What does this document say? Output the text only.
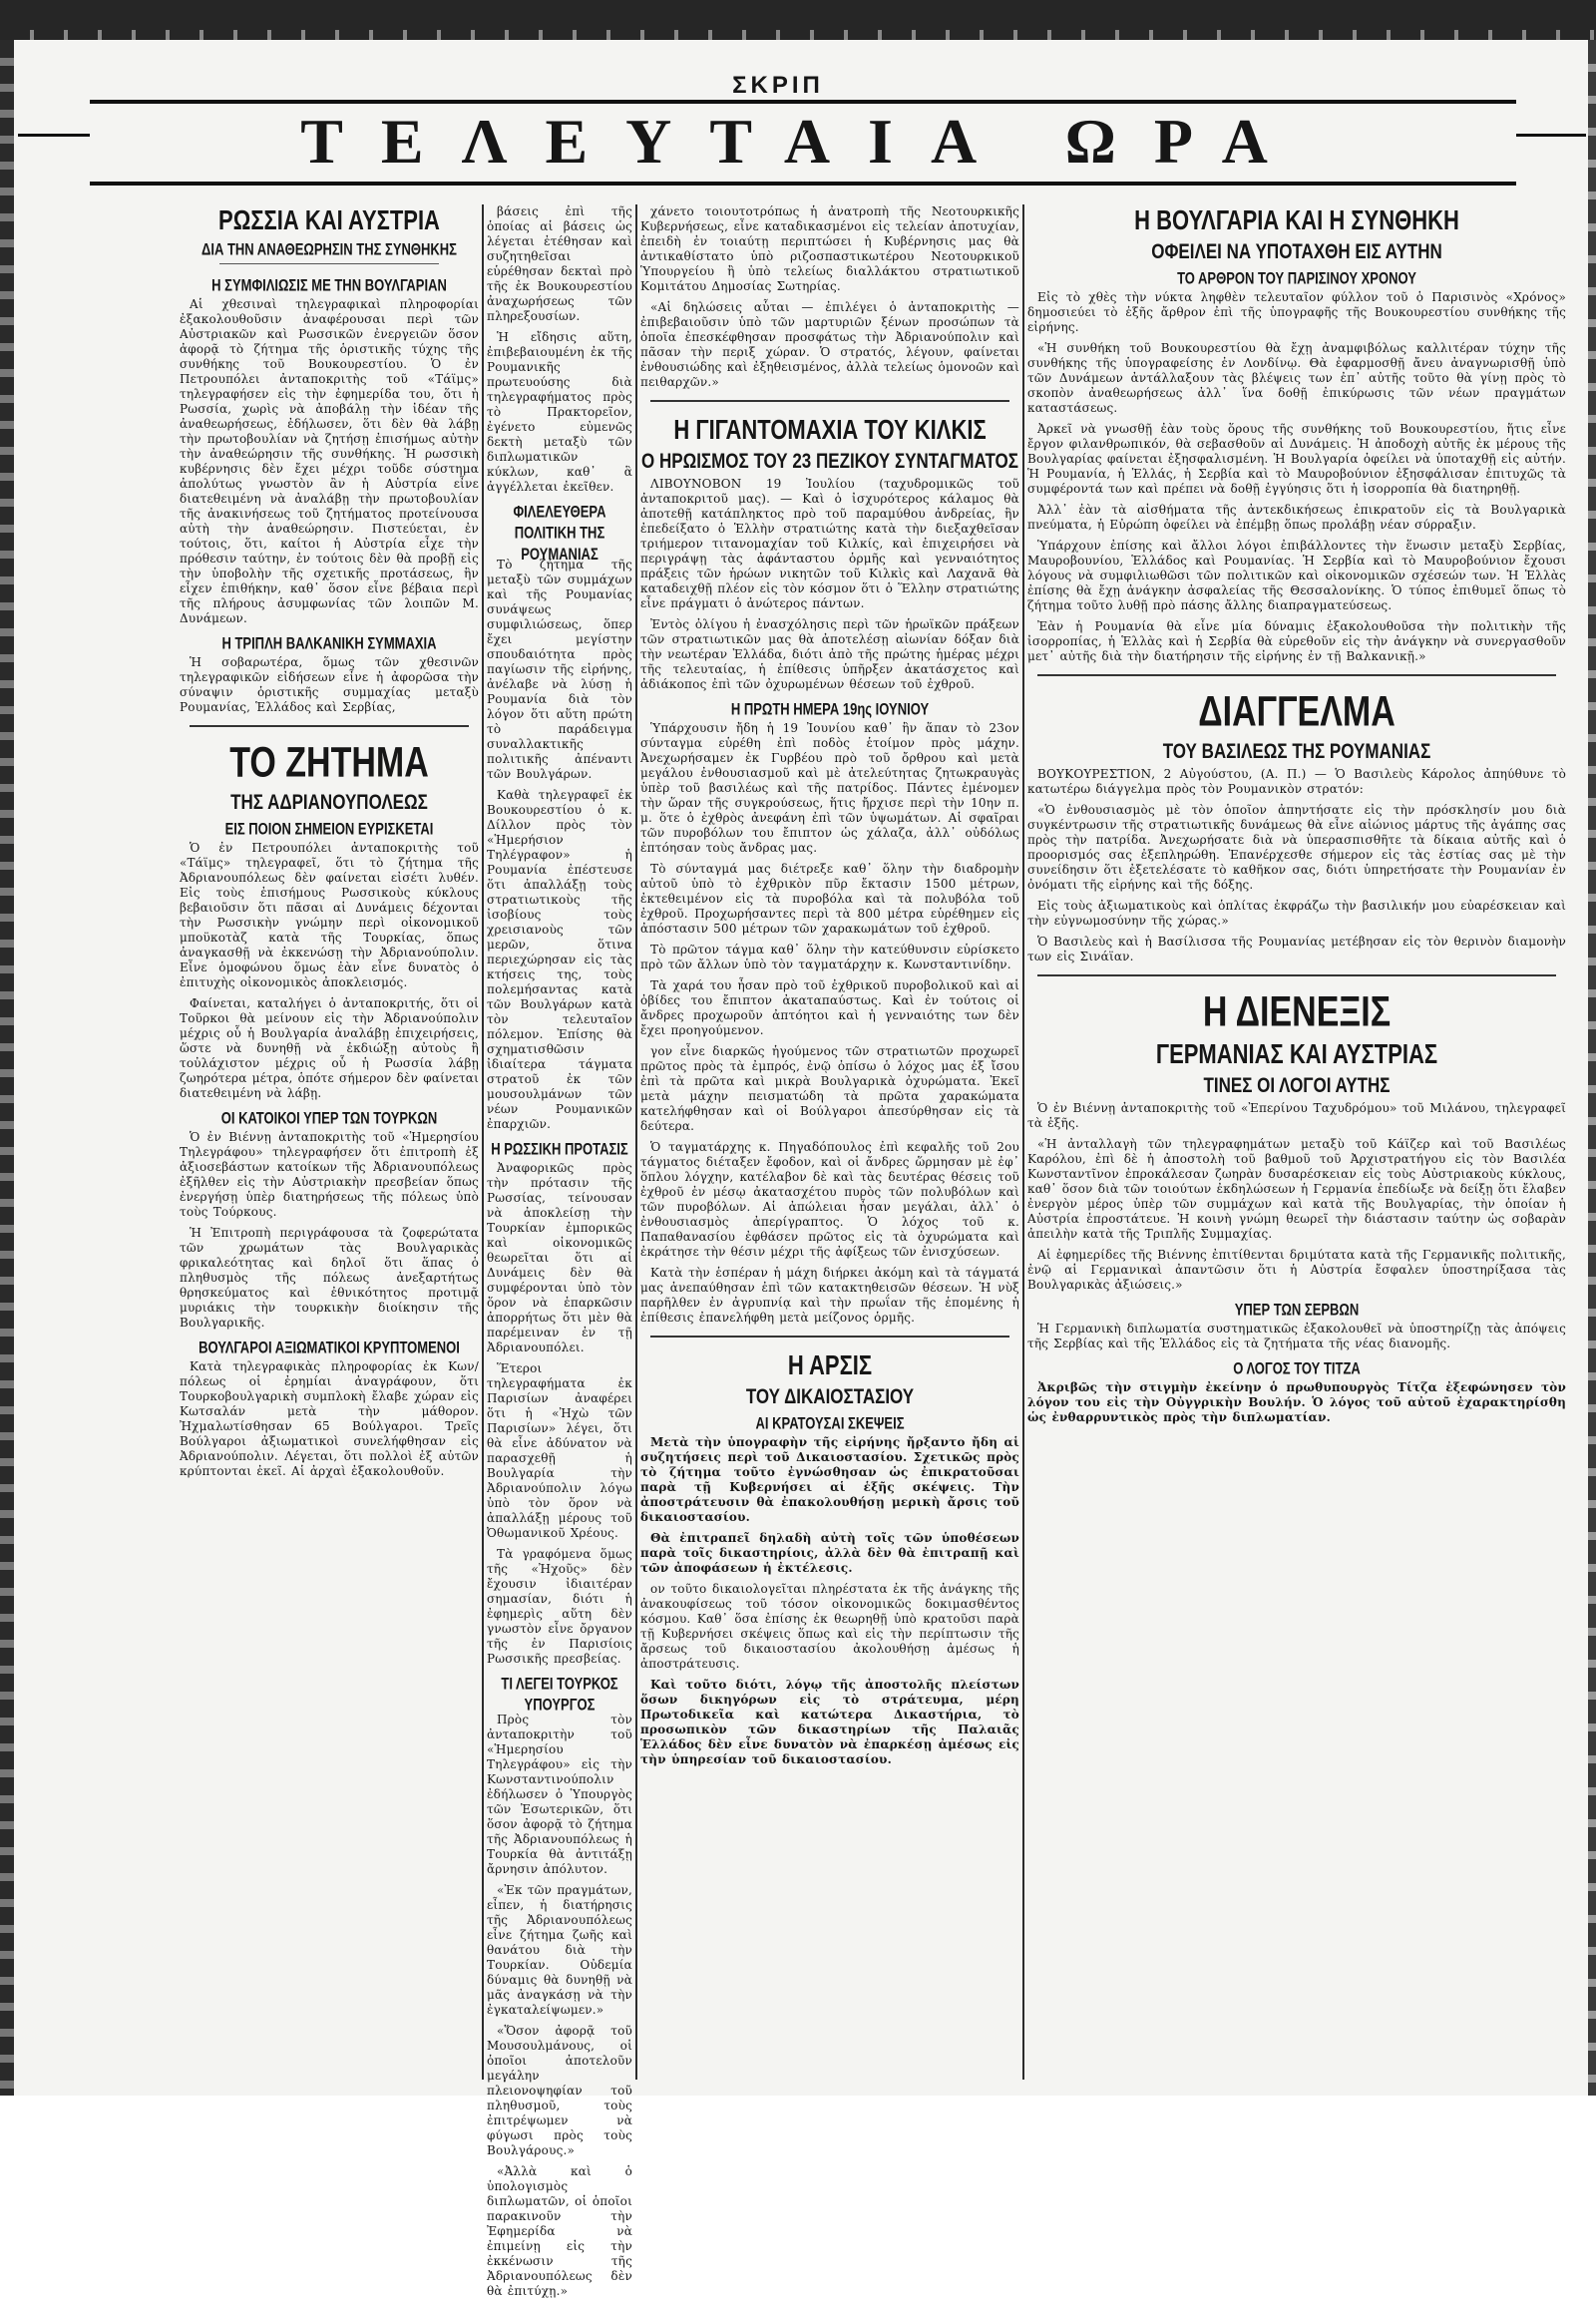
ΣΚΡΙΠ
ΤΕΛΕΥΤΑΙΑ ΩΡΑ
ΡΩΣΣΙΑ ΚΑΙ ΑΥΣΤΡΙΑ
ΔΙΑ ΤΗΝ ΑΝΑΘΕΩΡΗΣΙΝ ΤΗΣ ΣΥΝΘΗΚΗΣ
Η ΣΥΜΦΙΛΙΩΣΙΣ ΜΕ ΤΗΝ ΒΟΥΛΓΑΡΙΑΝ

Αἱ χθεσιναὶ τηλεγραφικαὶ πληροφορίαι ἐξακολουθοῦσιν ἀναφέρουσαι περὶ τῶν Αὐστριακῶν καὶ Ρωσσικῶν ἐνεργειῶν ὅσον ἀφορᾷ τὸ ζήτημα τῆς ὁριστικῆς τύχης τῆς συνθήκης τοῦ Βουκουρεστίου. Ὁ ἐν Πετρουπόλει ἀνταποκριτὴς τοῦ «Τάϊμς» τηλεγραφήσεν εἰς τὴν ἐφημερίδα του, ὅτι ἡ Ρωσσία, χωρὶς νὰ ἀποβάλῃ τὴν ἰδέαν τῆς ἀναθεωρήσεως, ἐδήλωσεν, ὅτι δὲν θὰ λάβῃ τὴν πρωτοβουλίαν νὰ ζητήσῃ ἐπισήμως αὐτὴν τὴν ἀναθεώρησιν τῆς συνθήκης. Ἡ ρωσσικὴ κυβέρνησις δὲν ἔχει μέχρι τοῦδε σύστημα ἀπολύτως γνωστὸν ἂν ἡ Αὐστρία εἶνε διατεθειμένη νὰ ἀναλάβῃ τὴν πρωτοβουλίαν τῆς ἀνακινήσεως τοῦ ζητήματος προτείνουσα αὐτὴ τὴν ἀναθεώρησιν. Πιστεύεται, ἐν τούτοις, ὅτι, καίτοι ἡ Αὐστρία εἶχε τὴν πρόθεσιν ταύτην, ἐν τούτοις δὲν θὰ προβῇ εἰς τὴν ὑποβολὴν τῆς σχετικῆς προτάσεως, ἣν εἶχεν ἐπιθήκην, καθ᾽ ὅσον εἶνε βέβαια περὶ τῆς πλήρους ἀσυμφωνίας τῶν λοιπῶν Μ. Δυνάμεων.

Η ΤΡΙΠΛΗ ΒΑΛΚΑΝΙΚΗ ΣΥΜΜΑΧΙΑ

Ἡ σοβαρωτέρα, ὅμως τῶν χθεσινῶν τηλεγραφικῶν εἰδήσεων εἶνε ἡ ἀφορῶσα τὴν σύναψιν ὁριστικῆς συμμαχίας μεταξὺ Ρουμανίας, Ἑλλάδος καὶ Σερβίας,

ΤΟ ΖΗΤΗΜΑ
ΤΗΣ ΑΔΡΙΑΝΟΥΠΟΛΕΩΣ
ΕΙΣ ΠΟΙΟΝ ΣΗΜΕΙΟΝ ΕΥΡΙΣΚΕΤΑΙ

Ὁ ἐν Πετρουπόλει ἀνταποκριτὴς τοῦ «Τάϊμς» τηλεγραφεῖ, ὅτι τὸ ζήτημα τῆς Ἀδριανουπόλεως δὲν φαίνεται εἰσέτι λυθέν. Εἰς τοὺς ἐπισήμους Ρωσσικοὺς κύκλους βεβαιοῦσιν ὅτι πᾶσαι αἱ Δυνάμεις δέχονται τὴν Ρωσσικὴν γνώμην περὶ οἰκονομικοῦ μποϋκοτὰζ κατὰ τῆς Τουρκίας, ὅπως ἀναγκασθῇ νὰ ἐκκενώσῃ τὴν Ἀδριανούπολιν. Εἶνε ὁμοφώνου ὅμως ἐὰν εἶνε δυνατὸς ὁ ἐπιτυχὴς οἰκονομικὸς ἀποκλεισμός.

Φαίνεται, καταλήγει ὁ ἀνταποκριτής, ὅτι οἱ Τοῦρκοι θὰ μείνουν εἰς τὴν Ἀδριανούπολιν μέχρις οὗ ἡ Βουλγαρία ἀναλάβῃ ἐπιχειρήσεις, ὥστε νὰ δυνηθῇ νὰ ἐκδιώξῃ αὐτοὺς ἢ τοὐλάχιστον μέχρις οὗ ἡ Ρωσσία λάβῃ ζωηρότερα μέτρα, ὁπότε σήμερον δὲν φαίνεται διατεθειμένη νὰ λάβῃ.

ΟΙ ΚΑΤΟΙΚΟΙ ΥΠΕΡ ΤΩΝ ΤΟΥΡΚΩΝ

Ὁ ἐν Βιέννῃ ἀνταποκριτὴς τοῦ «Ἡμερησίου Τηλεγράφου» τηλεγραφήσεν ὅτι ἐπιτροπὴ ἐξ ἀξιοσεβάστων κατοίκων τῆς Ἀδριανουπόλεως ἐξῆλθεν εἰς τὴν Αὐστριακὴν πρεσβείαν ὅπως ἐνεργήσῃ ὑπὲρ διατηρήσεως τῆς πόλεως ὑπὸ τοὺς Τούρκους.

Ἡ Ἐπιτροπὴ περιγράφουσα τὰ ζοφερώτατα τῶν χρωμάτων τὰς Βουλγαρικὰς φρικαλεότητας καὶ δηλοῖ ὅτι ἅπας ὁ πληθυσμὸς τῆς πόλεως ἀνεξαρτήτως θρησκεύματος καὶ ἐθνικότητος προτιμᾷ μυριάκις τὴν τουρκικὴν διοίκησιν τῆς Βουλγαρικῆς.

ΒΟΥΛΓΑΡΟΙ ΑΞΙΩΜΑΤΙΚΟΙ ΚΡΥΠΤΟΜΕΝΟΙ

Κατὰ τηλεγραφικὰς πληροφορίας ἐκ Κων/πόλεως οἱ ἐρημίαι ἀναγράφουν, ὅτι Τουρκοβουλγαρικὴ συμπλοκὴ ἔλαβε χώραν εἰς Κωτσαλάν μετὰ τὴν μάθορον. Ἠχμαλωτίσθησαν 65 Βούλγαροι. Τρεῖς Βούλγαροι ἀξιωματικοὶ συνελήφθησαν εἰς Ἀδριανούπολιν. Λέγεται, ὅτι πολλοὶ ἐξ αὐτῶν κρύπτονται ἐκεῖ. Αἱ ἀρχαὶ ἐξακολουθοῦν.

βάσεις ἐπὶ τῆς ὁποίας αἱ βάσεις ὡς λέγεται ἐτέθησαν καὶ συζητηθεῖσαι εὑρέθησαν δεκταὶ πρὸ τῆς ἐκ Βουκουρεστίου ἀναχωρήσεως τῶν πληρεξουσίων.

Ἡ εἴδησις αὕτη, ἐπιβεβαιουμένη ἐκ τῆς Ρουμανικῆς πρωτευούσης διὰ τηλεγραφήματος πρὸς τὸ Πρακτορεῖον, ἐγένετο εὐμενῶς δεκτὴ μεταξὺ τῶν διπλωματικῶν κύκλων, καθ᾽ ἃ ἀγγέλλεται ἐκεῖθεν.

ΦΙΛΕΛΕΥΘΕΡΑ ΠΟΛΙΤΙΚΗ ΤΗΣ ΡΟΥΜΑΝΙΑΣ

Τὸ ζήτημα τῆς μεταξὺ τῶν συμμάχων καὶ τῆς Ρουμανίας συνάψεως συμφιλιώσεως, ὅπερ ἔχει μεγίστην σπουδαιότητα πρὸς παγίωσιν τῆς εἰρήνης, ἀνέλαβε νὰ λύσῃ ἡ Ρουμανία διὰ τὸν λόγον ὅτι αὕτη πρώτη τὸ παράδειγμα συναλλακτικῆς πολιτικῆς ἀπέναντι τῶν Βουλγάρων.

Καθὰ τηλεγραφεῖ ἐκ Βουκουρεστίου ὁ κ. Δίλλον πρὸς τὸν «Ἡμερήσιον Τηλέγραφον» ἡ Ρουμανία ἐπέστευσε ὅτι ἀπαλλάξῃ τοὺς στρατιωτικοὺς τῆς ἰσοβίους τοὺς χρεισιανοὺς τῶν μερῶν, ὅτινα περιεχώρησαν εἰς τὰς κτήσεις της, τοὺς πολεμήσαντας κατὰ τῶν Βουλγάρων κατὰ τὸν τελευταῖον πόλεμον. Ἐπίσης θὰ σχηματισθῶσιν ἰδιαίτερα τάγματα στρατοῦ ἐκ τῶν μουσουλμάνων τῶν νέων Ρουμανικῶν ἐπαρχιῶν.

Η ΡΩΣΣΙΚΗ ΠΡΟΤΑΣΙΣ

Ἀναφορικῶς πρὸς τὴν πρότασιν τῆς Ρωσσίας, τείνουσαν νὰ ἀποκλείσῃ τὴν Τουρκίαν ἐμπορικῶς καὶ οἰκονομικῶς θεωρεῖται ὅτι αἱ Δυνάμεις δὲν θὰ συμφέρονται ὑπὸ τὸν ὅρον νὰ ἐπαρκῶσιν ἀπορρήτως ὅτι μὲν θὰ παρέμειναν ἐν τῇ Ἀδριανουπόλει.

Ἕτεροι τηλεγραφήματα ἐκ Παρισίων ἀναφέρει ὅτι ἡ «Ἠχὼ τῶν Παρισίων» λέγει, ὅτι θὰ εἶνε ἀδύνατον νὰ παρασχεθῇ ἡ Βουλγαρία τὴν Ἀδριανούπολιν λόγω ὑπὸ τὸν ὅρον νὰ ἀπαλλάξῃ μέρους τοῦ Ὀθωμανικοῦ Χρέους.

Τὰ γραφόμενα ὅμως τῆς «Ἠχοῦς» δὲν ἔχουσιν ἰδιαιτέραν σημασίαν, διότι ἡ ἐφημερὶς αὕτη δὲν γνωστὸν εἶνε ὄργανον τῆς ἐν Παρισίοις Ρωσσικῆς πρεσβείας.

ΤΙ ΛΕΓΕΙ ΤΟΥΡΚΟΣ ΥΠΟΥΡΓΟΣ

Πρὸς τὸν ἀνταποκριτὴν τοῦ «Ἡμερησίου Τηλεγράφου» εἰς τὴν Κωνσταντινούπολιν ἐδήλωσεν ὁ Ὑπουργὸς τῶν Ἐσωτερικῶν, ὅτι ὅσον ἀφορᾷ τὸ ζήτημα τῆς Ἀδριανουπόλεως ἡ Τουρκία θὰ ἀντιτάξῃ ἄρνησιν ἀπόλυτον.

«Ἐκ τῶν πραγμάτων, εἶπεν, ἡ διατήρησις τῆς Ἀδριανουπόλεως εἶνε ζήτημα ζωῆς καὶ θανάτου διὰ τὴν Τουρκίαν. Οὐδεμία δύναμις θὰ δυνηθῇ νὰ μᾶς ἀναγκάσῃ νὰ τὴν ἐγκαταλείψωμεν.»

«Ὅσον ἀφορᾷ τοῦ Μουσουλμάνους, οἱ ὁποῖοι ἀποτελοῦν μεγάλην πλειονοψηφίαν τοῦ πληθυσμοῦ, τοὺς ἐπιτρέψωμεν νὰ φύγωσι πρὸς τοὺς Βουλγάρους.»

«Ἀλλὰ καὶ ὁ ὑπολογισμὸς διπλωματῶν, οἱ ὁποῖοι παρακινοῦν τὴν Ἐφημερίδα νὰ ἐπιμείνῃ εἰς τὴν ἐκκένωσιν τῆς Ἀδριανουπόλεως δὲν θὰ ἐπιτύχῃ.»

χάνετο τοιουτοτρόπως ἡ ἀνατροπὴ τῆς Νεοτουρκικῆς Κυβερνήσεως, εἶνε καταδικασμένοι εἰς τελείαν ἀποτυχίαν, ἐπειδὴ ἐν τοιαύτῃ περιπτώσει ἡ Κυβέρνησις μας θὰ ἀντικαθίστατο ὑπὸ ριζοσπαστικωτέρου Νεοτουρκικοῦ Ὑπουργείου ἢ ὑπὸ τελείως διαλλάκτου στρατιωτικοῦ Κομιτάτου Δημοσίας Σωτηρίας.

«Αἱ δηλώσεις αὗται — ἐπιλέγει ὁ ἀνταποκριτὴς — ἐπιβεβαιοῦσιν ὑπὸ τῶν μαρτυριῶν ξένων προσώπων τὰ ὁποῖα ἐπεσκέφθησαν προσφάτως τὴν Ἀδριανούπολιν καὶ πᾶσαν τὴν περιξ χώραν. Ὁ στρατός, λέγουν, φαίνεται ἐνθουσιώδης καὶ ἐξηθεισμένος, ἀλλὰ τελείως ὁμονοῶν καὶ πειθαρχῶν.»

Η ΓΙΓΑΝΤΟΜΑΧΙΑ ΤΟΥ ΚΙΛΚΙΣ
Ο ΗΡΩΙΣΜΟΣ ΤΟΥ 23 ΠΕΖΙΚΟΥ ΣΥΝΤΑΓΜΑΤΟΣ

ΛΙΒΟΥΝΟΒΟΝ 19 Ἰουλίου (ταχυδρομικῶς τοῦ ἀνταποκριτοῦ μας). — Καὶ ὁ ἰσχυρότερος κάλαμος θὰ ἀποτεθῇ κατάπληκτος πρὸ τοῦ παραμύθου ἀνδρείας, ἣν ἐπεδείξατο ὁ Ἑλλὴν στρατιώτης κατὰ τὴν διεξαχθεῖσαν τριήμερον τιτανομαχίαν τοῦ Κιλκίς, καὶ ἐπιχειρήσει νὰ περιγράψῃ τὰς ἀφάνταστου ὁρμῆς καὶ γενναιότητος πράξεις τῶν ἡρώων νικητῶν τοῦ Κιλκὶς καὶ Λαχανᾶ θὰ καταδειχθῇ πλέον εἰς τὸν κόσμον ὅτι ὁ Ἕλλην στρατιώτης εἶνε πράγματι ὁ ἀνώτερος πάντων.

Ἐντὸς ὀλίγου ἡ ἐνασχόλησις περὶ τῶν ἡρωϊκῶν πράξεων τῶν στρατιωτικῶν μας θὰ ἀποτελέσῃ αἰωνίαν δόξαν διὰ τὴν νεωτέραν Ἑλλάδα, διότι ἀπὸ τῆς πρώτης ἡμέρας μέχρι τῆς τελευταίας, ἡ ἐπίθεσις ὑπῆρξεν ἀκατάσχετος καὶ ἀδιάκοπος ἐπὶ τῶν ὀχυρωμένων θέσεων τοῦ ἐχθροῦ.

Η ΠΡΩΤΗ ΗΜΕΡΑ 19ης ΙΟΥΝΙΟΥ

Ὑπάρχουσιν ἤδη ἡ 19 Ἰουνίου καθ᾽ ἣν ἅπαν τὸ 23ον σύνταγμα εὑρέθη ἐπὶ ποδὸς ἑτοίμον πρὸς μάχην. Ἀνεχωρήσαμεν ἐκ Γυρβέου πρὸ τοῦ ὄρθρου καὶ μετὰ μεγάλου ἐνθουσιασμοῦ καὶ μὲ ἀτελεύτητας ζητωκραυγὰς ὑπὲρ τοῦ βασιλέως καὶ τῆς πατρίδος. Πάντες ἐμένομεν τὴν ὥραν τῆς συγκρούσεως, ἥτις ἤρχισε περὶ τὴν 10ην π. μ. ὅτε ὁ ἐχθρὸς ἀνεφάνη ἐπὶ τῶν ὑψωμάτων. Αἱ σφαῖραι τῶν πυροβόλων του ἔπιπτον ὡς χάλαζα, ἀλλ᾽ οὐδόλως ἐπτόησαν τοὺς ἄνδρας μας.

Τὸ σύνταγμά μας διέτρεξε καθ᾽ ὅλην τὴν διαδρομὴν αὐτοῦ ὑπὸ τὸ ἐχθρικὸν πῦρ ἔκτασιν 1500 μέτρων, ἐκτεθειμένον εἰς τὰ πυροβόλα καὶ τὰ πολυβόλα τοῦ ἐχθροῦ. Προχωρήσαντες περὶ τὰ 800 μέτρα εὑρέθημεν εἰς ἀπόστασιν 500 μέτρων τῶν χαρακωμάτων τοῦ ἐχθροῦ.

Τὸ πρῶτον τάγμα καθ᾽ ὅλην τὴν κατεύθυνσιν εὑρίσκετο πρὸ τῶν ἄλλων ὑπὸ τὸν ταγματάρχην κ. Κωνσταντινίδην.

Τὰ χαρά του ἦσαν πρὸ τοῦ ἐχθρικοῦ πυροβολικοῦ καὶ αἱ ὀβίδες του ἔπιπτον ἀκαταπαύστως. Καὶ ἐν τούτοις οἱ ἄνδρες προχωροῦν ἀπτόητοι καὶ ἡ γενναιότης των δὲν ἔχει προηγούμενον.

γον εἶνε διαρκῶς ἡγούμενος τῶν στρατιωτῶν προχωρεῖ πρῶτος πρὸς τὰ ἐμπρός, ἐνῷ ὀπίσω ὁ λόχος μας ἐξ ἴσου ἐπὶ τὰ πρῶτα καὶ μικρὰ Βουλγαρικὰ ὀχυρώματα. Ἐκεῖ μετὰ μάχην πεισματώδη τὰ πρῶτα χαρακώματα κατελήφθησαν καὶ οἱ Βούλγαροι ἀπεσύρθησαν εἰς τὰ δεύτερα.

Ὁ ταγματάρχης κ. Πηγαδόπουλος ἐπὶ κεφαλῆς τοῦ 2ου τάγματος διέταξεν ἔφοδον, καὶ οἱ ἄνδρες ὥρμησαν μὲ ἐφ᾽ ὅπλου λόγχην, κατέλαβον δὲ καὶ τὰς δευτέρας θέσεις τοῦ ἐχθροῦ ἐν μέσῳ ἀκατασχέτου πυρὸς τῶν πολυβόλων καὶ τῶν πυροβόλων. Αἱ ἀπώλειαι ἦσαν μεγάλαι, ἀλλ᾽ ὁ ἐνθουσιασμὸς ἀπερίγραπτος. Ὁ λόχος τοῦ κ. Παπαθανασίου ἐφθάσεν πρῶτος εἰς τὰ ὀχυρώματα καὶ ἐκράτησε τὴν θέσιν μέχρι τῆς ἀφίξεως τῶν ἐνισχύσεων.

Κατὰ τὴν ἑσπέραν ἡ μάχη διήρκει ἀκόμη καὶ τὰ τάγματά μας ἀνεπαύθησαν ἐπὶ τῶν κατακτηθεισῶν θέσεων. Ἡ νὺξ παρῆλθεν ἐν ἀγρυπνίᾳ καὶ τὴν πρωΐαν τῆς ἑπομένης ἡ ἐπίθεσις ἐπανελήφθη μετὰ μείζονος ὁρμῆς.

Η ΑΡΣΙΣ
ΤΟΥ ΔΙΚΑΙΟΣΤΑΣΙΟΥ
ΑΙ ΚΡΑΤΟΥΣΑΙ ΣΚΕΨΕΙΣ

Μετὰ τὴν ὑπογραφὴν τῆς εἰρήνης ἤρξαντο ἤδη αἱ συζητήσεις περὶ τοῦ Δικαιοστασίου. Σχετικῶς πρὸς τὸ ζήτημα τοῦτο ἐγνώσθησαν ὡς ἐπικρατοῦσαι παρὰ τῇ Κυβερνήσει αἱ ἑξῆς σκέψεις. Τὴν ἀποστράτευσιν θὰ ἐπακολουθήσῃ μερικὴ ἄρσις τοῦ δικαιοστασίου.

Θὰ ἐπιτραπεῖ δηλαδὴ αὐτὴ τοῖς τῶν ὑποθέσεων παρὰ τοῖς δικαστηρίοις, ἀλλὰ δὲν θὰ ἐπιτραπῇ καὶ τῶν ἀποφάσεων ἡ ἐκτέλεσις.

ον τοῦτο δικαιολογεῖται πληρέστατα ἐκ τῆς ἀνάγκης τῆς ἀνακουφίσεως τοῦ τόσον οἰκονομικῶς δοκιμασθέντος κόσμου. Καθ᾽ ὅσα ἐπίσης ἐκ θεωρηθῇ ὑπὸ κρατοῦσι παρὰ τῇ Κυβερνήσει σκέψεις ὅπως καὶ εἰς τὴν περίπτωσιν τῆς ἄρσεως τοῦ δικαιοστασίου ἀκολουθήσῃ ἀμέσως ἡ ἀποστράτευσις.

Καὶ τοῦτο διότι, λόγῳ τῆς ἀποστολῆς πλείστων ὅσων δικηγόρων εἰς τὸ στράτευμα, μέρη Πρωτοδικεῖα καὶ κατώτερα Δικαστήρια, τὸ προσωπικὸν τῶν δικαστηρίων τῆς Παλαιᾶς Ἑλλάδος δὲν εἶνε δυνατὸν νὰ ἐπαρκέσῃ ἀμέσως εἰς τὴν ὑπηρεσίαν τοῦ δικαιοστασίου.

Η ΒΟΥΛΓΑΡΙΑ ΚΑΙ Η ΣΥΝΘΗΚΗ
ΟΦΕΙΛΕΙ ΝΑ ΥΠΟΤΑΧΘΗ ΕΙΣ ΑΥΤΗΝ
ΤΟ ΑΡΘΡΟΝ ΤΟΥ ΠΑΡΙΣΙΝΟΥ ΧΡΟΝΟΥ

Εἰς τὸ χθὲς τὴν νύκτα ληφθὲν τελευταῖον φύλλον τοῦ ὁ Παρισινὸς «Χρόνος» δημοσιεύει τὸ ἑξῆς ἄρθρον ἐπὶ τῆς ὑπογραφῆς τῆς Βουκουρεστίου συνθήκης τῆς εἰρήνης.

«Ἡ συνθήκη τοῦ Βουκουρεστίου θὰ ἔχῃ ἀναμφιβόλως καλλιτέραν τύχην τῆς συνθήκης τῆς ὑπογραφείσης ἐν Λονδίνῳ. Θὰ ἐφαρμοσθῇ ἄνευ ἀναγνωρισθῇ ὑπὸ τῶν Δυνάμεων ἀντάλλαξουν τὰς βλέψεις των ἐπ᾽ αὐτῆς τοῦτο θὰ γίνῃ πρὸς τὸ σκοπὸν ἀναθεωρήσεως ἀλλ᾽ ἵνα δοθῇ ἐπικύρωσις τῶν νέων πραγμάτων καταστάσεως.

Ἀρκεῖ νὰ γνωσθῇ ἐὰν τοὺς ὅρους τῆς συνθήκης τοῦ Βουκουρεστίου, ἥτις εἶνε ἔργον φιλανθρωπικόν, θὰ σεβασθοῦν αἱ Δυνάμεις. Ἡ ἀποδοχὴ αὐτῆς ἐκ μέρους τῆς Βουλγαρίας φαίνεται ἐξησφαλισμένη. Ἡ Βουλγαρία ὀφείλει νὰ ὑποταχθῇ εἰς αὐτήν. Ἡ Ρουμανία, ἡ Ἑλλάς, ἡ Σερβία καὶ τὸ Μαυροβούνιον ἐξησφάλισαν ἐπιτυχῶς τὰ συμφέροντά των καὶ πρέπει νὰ δοθῇ ἐγγύησις ὅτι ἡ ἰσορροπία θὰ διατηρηθῇ.

Ἀλλ᾽ ἐὰν τὰ αἰσθήματα τῆς ἀντεκδικήσεως ἐπικρατοῦν εἰς τὰ Βουλγαρικὰ πνεύματα, ἡ Εὐρώπη ὀφείλει νὰ ἐπέμβῃ ὅπως προλάβῃ νέαν σύρραξιν.

Ὑπάρχουν ἐπίσης καὶ ἄλλοι λόγοι ἐπιβάλλοντες τὴν ἕνωσιν μεταξὺ Σερβίας, Μαυροβουνίου, Ἑλλάδος καὶ Ρουμανίας. Ἡ Σερβία καὶ τὸ Μαυροβούνιον ἔχουσι λόγους νὰ συμφιλιωθῶσι τῶν πολιτικῶν καὶ οἰκονομικῶν σχέσεών των. Ἡ Ἑλλὰς ἐπίσης θὰ ἔχῃ ἀνάγκην ἀσφαλείας τῆς Θεσσαλονίκης. Ὁ τύπος ἐπιθυμεῖ ὅπως τὸ ζήτημα τοῦτο λυθῇ πρὸ πάσης ἄλλης διαπραγματεύσεως.

Ἐὰν ἡ Ρουμανία θὰ εἶνε μία δύναμις ἐξακολουθοῦσα τὴν πολιτικὴν τῆς ἰσορροπίας, ἡ Ἑλλὰς καὶ ἡ Σερβία θὰ εὑρεθοῦν εἰς τὴν ἀνάγκην νὰ συνεργασθοῦν μετ᾽ αὐτῆς διὰ τὴν διατήρησιν τῆς εἰρήνης ἐν τῇ Βαλκανικῇ.»

ΔΙΑΓΓΕΛΜΑ
ΤΟΥ ΒΑΣΙΛΕΩΣ ΤΗΣ ΡΟΥΜΑΝΙΑΣ

ΒΟΥΚΟΥΡΕΣΤΙΟΝ, 2 Αὐγούστου, (Α. Π.) — Ὁ Βασιλεὺς Κάρολος ἀπηύθυνε τὸ κατωτέρω διάγγελμα πρὸς τὸν Ρουμανικὸν στρατόν:

«Ὁ ἐνθουσιασμὸς μὲ τὸν ὁποῖον ἀπηντήσατε εἰς τὴν πρόσκλησίν μου διὰ συγκέντρωσιν τῆς στρατιωτικῆς δυνάμεως θὰ εἶνε αἰώνιος μάρτυς τῆς ἀγάπης σας πρὸς τὴν πατρίδα. Ἀνεχωρήσατε διὰ νὰ ὑπερασπισθῆτε τὰ δίκαια αὐτῆς καὶ ὁ προορισμός σας ἐξεπληρώθη. Ἐπανέρχεσθε σήμερον εἰς τὰς ἑστίας σας μὲ τὴν συνείδησιν ὅτι ἐξετελέσατε τὸ καθῆκον σας, διότι ὑπηρετήσατε τὴν Ρουμανίαν ἐν ὀνόματι τῆς εἰρήνης καὶ τῆς δόξης.

Εἰς τοὺς ἀξιωματικοὺς καὶ ὁπλίτας ἐκφράζω τὴν βασιλικήν μου εὐαρέσκειαν καὶ τὴν εὐγνωμοσύνην τῆς χώρας.»

Ὁ Βασιλεὺς καὶ ἡ Βασίλισσα τῆς Ρουμανίας μετέβησαν εἰς τὸν θερινὸν διαμονὴν των εἰς Σινάϊαν.

Η ΔΙΕΝΕΞΙΣ
ΓΕΡΜΑΝΙΑΣ ΚΑΙ ΑΥΣΤΡΙΑΣ
ΤΙΝΕΣ ΟΙ ΛΟΓΟΙ ΑΥΤΗΣ

Ὁ ἐν Βιέννῃ ἀνταποκριτὴς τοῦ «Ἐπερίνου Ταχυδρόμου» τοῦ Μιλάνου, τηλεγραφεῖ τὰ ἑξῆς.

«Ἡ ἀνταλλαγὴ τῶν τηλεγραφημάτων μεταξὺ τοῦ Κάϊζερ καὶ τοῦ Βασιλέως Καρόλου, ἐπὶ δὲ ἡ ἀποστολὴ τοῦ βαθμοῦ τοῦ Ἀρχιστρατήγου εἰς τὸν Βασιλέα Κωνσταντῖνον ἐπροκάλεσαν ζωηρὰν δυσαρέσκειαν εἰς τοὺς Αὐστριακοὺς κύκλους, καθ᾽ ὅσον διὰ τῶν τοιούτων ἐκδηλώσεων ἡ Γερμανία ἐπεδίωξε νὰ δείξῃ ὅτι ἔλαβεν ἐνεργὸν μέρος ὑπὲρ τῶν συμμάχων καὶ κατὰ τῆς Βουλγαρίας, τὴν ὁποίαν ἡ Αὐστρία ἐπροστάτευε. Ἡ κοινὴ γνώμη θεωρεῖ τὴν διάστασιν ταύτην ὡς σοβαρὰν ἀπειλὴν κατὰ τῆς Τριπλῆς Συμμαχίας.

Αἱ ἐφημερίδες τῆς Βιέννης ἐπιτίθενται δριμύτατα κατὰ τῆς Γερμανικῆς πολιτικῆς, ἐνῷ αἱ Γερμανικαὶ ἀπαντῶσιν ὅτι ἡ Αὐστρία ἔσφαλεν ὑποστηρίξασα τὰς Βουλγαρικὰς ἀξιώσεις.»

ΥΠΕΡ ΤΩΝ ΣΕΡΒΩΝ

Ἡ Γερμανικὴ διπλωματία συστηματικῶς ἐξακολουθεῖ νὰ ὑποστηρίζῃ τὰς ἀπόψεις τῆς Σερβίας καὶ τῆς Ἑλλάδος εἰς τὰ ζητήματα τῆς νέας διανομῆς.

Ο ΛΟΓΟΣ ΤΟΥ ΤΙΤΖΑ

Ἀκριβῶς τὴν στιγμὴν ἐκείνην ὁ πρωθυπουργὸς Τίτζα ἐξεφώνησεν τὸν λόγον του εἰς τὴν Οὐγγρικὴν Βουλήν. Ὁ λόγος τοῦ αὐτοῦ ἐχαρακτηρίσθη ὡς ἐνθαρρυντικὸς πρὸς τὴν διπλωματίαν.
